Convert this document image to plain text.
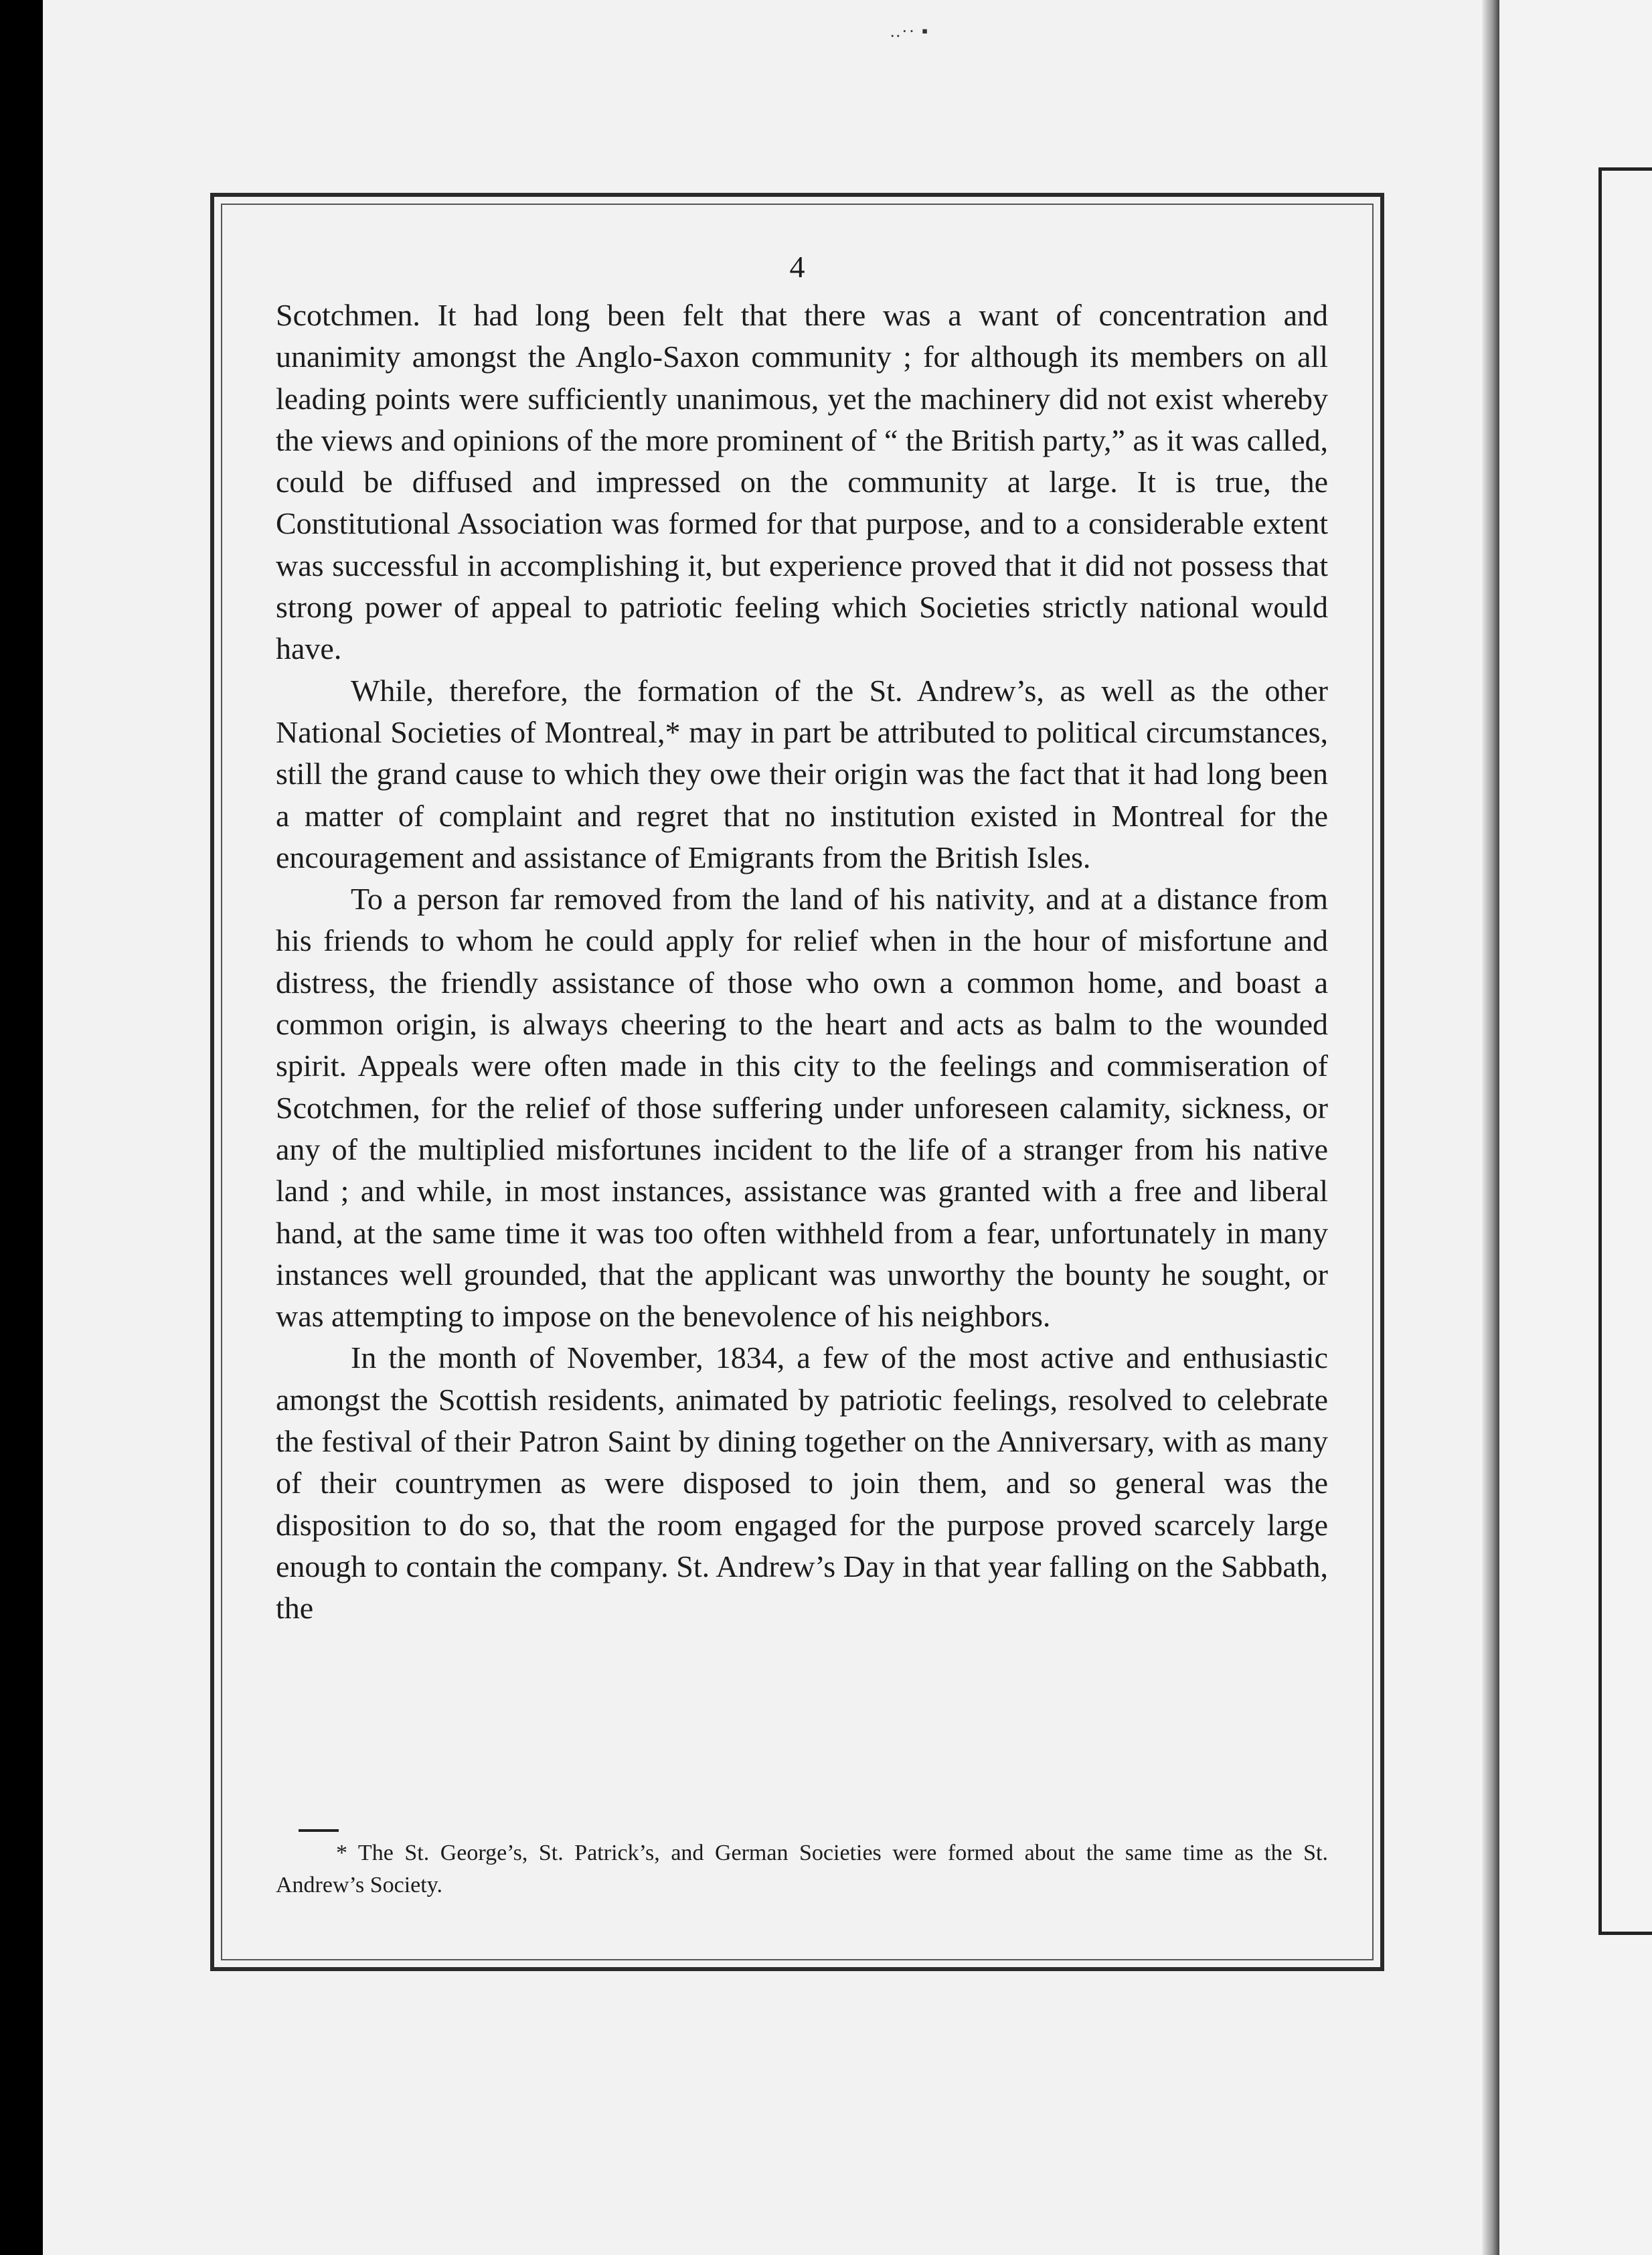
..·· ▪
4

Scotchmen. It had long been felt that there was a want of concentration and unanimity amongst the Anglo-Saxon community ; for although its members on all leading points were sufficiently unanimous, yet the machinery did not exist whereby the views and opinions of the more prominent of “ the British party,” as it was called, could be diffused and impressed on the community at large. It is true, the Constitutional Association was formed for that purpose, and to a considerable extent was successful in accomplishing it, but experience proved that it did not possess that strong power of appeal to patriotic feeling which Societies strictly national would have.

While, therefore, the formation of the St. Andrew’s, as well as the other National Societies of Montreal,* may in part be attributed to political circumstances, still the grand cause to which they owe their origin was the fact that it had long been a matter of complaint and regret that no institution existed in Montreal for the encouragement and assistance of Emigrants from the British Isles.

To a person far removed from the land of his nativity, and at a distance from his friends to whom he could apply for relief when in the hour of misfortune and distress, the friendly assistance of those who own a common home, and boast a common origin, is always cheering to the heart and acts as balm to the wounded spirit. Appeals were often made in this city to the feelings and commiseration of Scotchmen, for the relief of those suffering under unforeseen calamity, sickness, or any of the multiplied misfortunes incident to the life of a stranger from his native land ; and while, in most instances, assistance was granted with a free and liberal hand, at the same time it was too often withheld from a fear, unfortunately in many instances well grounded, that the applicant was unworthy the bounty he sought, or was attempting to impose on the benevolence of his neighbors.

In the month of November, 1834, a few of the most active and enthusiastic amongst the Scottish residents, animated by patriotic feelings, resolved to celebrate the festival of their Patron Saint by dining together on the Anniversary, with as many of their countrymen as were disposed to join them, and so general was the disposition to do so, that the room engaged for the purpose proved scarcely large enough to contain the company. St. Andrew’s Day in that year falling on the Sabbath, the

* The St. George’s, St. Patrick’s, and German Societies were formed about the same time as the St. Andrew’s Society.
